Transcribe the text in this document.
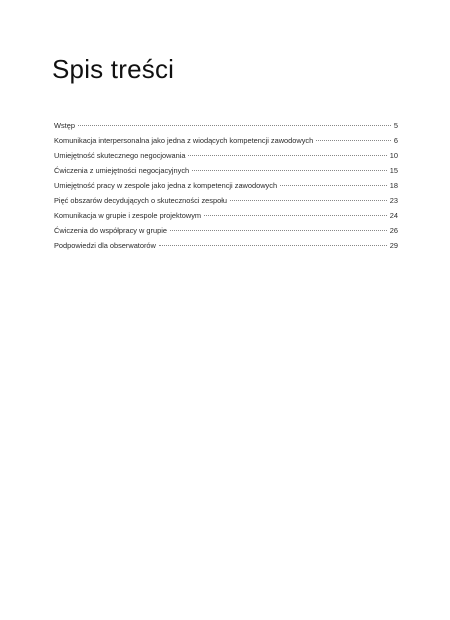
Spis treści
Wstęp	5
Komunikacja interpersonalna jako jedna z wiodących kompetencji zawodowych	6
Umiejętność skutecznego negocjowania	10
Ćwiczenia z umiejętności negocjacyjnych	15
Umiejętność pracy w zespole jako jedna z kompetencji zawodowych	18
Pięć obszarów decydujących o skuteczności zespołu	23
Komunikacja w grupie i zespole projektowym	24
Ćwiczenia do współpracy w grupie	26
Podpowiedzi dla obserwatorów	29
